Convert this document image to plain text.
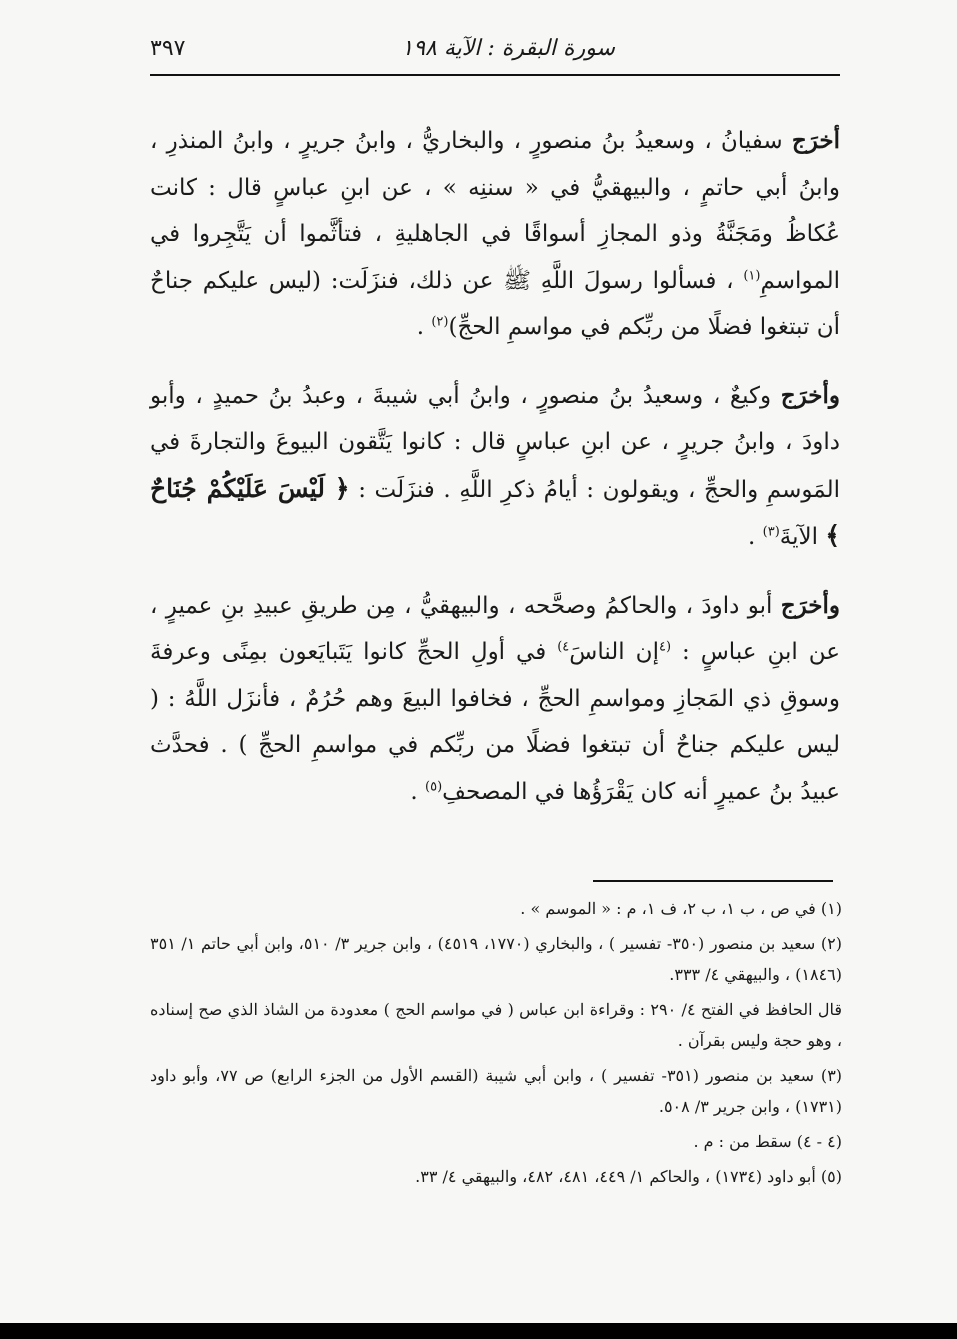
سورة البقرة : الآية ١٩٨
٣٩٧

أخرَج سفيانُ ، وسعيدُ بنُ منصورٍ ، والبخاريُّ ، وابنُ جريرٍ ، وابنُ المنذرِ ، وابنُ أبي حاتمٍ ، والبيهقيُّ في « سننِه » ، عن ابنِ عباسٍ قال : كانت عُكاظُ ومَجَنَّةُ وذو المجازِ أسواقًا في الجاهليةِ ، فتأثَّموا أن يَتَّجِروا في المواسمِ$^{(١)}$ ، فسألوا رسولَ اللَّهِ ﷺ عن ذلك، فنزَلَت: (ليس عليكم جناحٌ أن تبتغوا فضلًا من ربِّكم في مواسمِ الحجِّ)$^{(٢)}$ .

وأخرَج وكيعٌ ، وسعيدُ بنُ منصورٍ ، وابنُ أبي شيبةَ ، وعبدُ بنُ حميدٍ ، وأبو داودَ ، وابنُ جريرٍ ، عن ابنِ عباسٍ قال : كانوا يَتَّقون البيوعَ والتجارةَ في المَوسمِ والحجِّ ، ويقولون : أيامُ ذكرِ اللَّهِ . فنزَلَت : ﴿ لَيْسَ عَلَيْكُمْ جُنَاحٌ ﴾ الآيةَ$^{(٣)}$ .

وأخرَج أبو داودَ ، والحاكمُ وصحَّحه ، والبيهقيُّ ، مِن طريقِ عبيدِ بنِ عميرٍ ، عن ابنِ عباسٍ : $^{(٤}$إن الناسَ$^{٤)}$ في أولِ الحجِّ كانوا يَتَبايَعون بمِنًى وعرفةَ وسوقِ ذي المَجازِ ومواسمِ الحجِّ ، فخافوا البيعَ وهم حُرُمٌ ، فأنزَل اللَّهُ : ( ليس عليكم جناحٌ أن تبتغوا فضلًا من ربِّكم في مواسمِ الحجِّ ) . فحدَّث عبيدُ بنُ عميرٍ أنه كان يَقْرَؤُها في المصحفِ$^{(٥)}$ .

(١) في ص ، ب ١، ب ٢، ف ١، م : « الموسم » .

(٢) سعيد بن منصور (٣٥٠- تفسير ) ، والبخاري (١٧٧٠، ٤٥١٩) ، وابن جرير ٣/ ٥١٠، وابن أبي حاتم ١/ ٣٥١ (١٨٤٦) ، والبيهقي ٤/ ٣٣٣.

قال الحافظ في الفتح ٤/ ٢٩٠ : وقراءة ابن عباس ( في مواسم الحج ) معدودة من الشاذ الذي صح إسناده ، وهو حجة وليس بقرآن .

(٣) سعيد بن منصور (٣٥١- تفسير ) ، وابن أبي شيبة (القسم الأول من الجزء الرابع) ص ٧٧، وأبو داود (١٧٣١) ، وابن جرير ٣/ ٥٠٨.

(٤ - ٤) سقط من : م .

(٥) أبو داود (١٧٣٤) ، والحاكم ١/ ٤٤٩، ٤٨١، ٤٨٢، والبيهقي ٤/ ٣٣.
